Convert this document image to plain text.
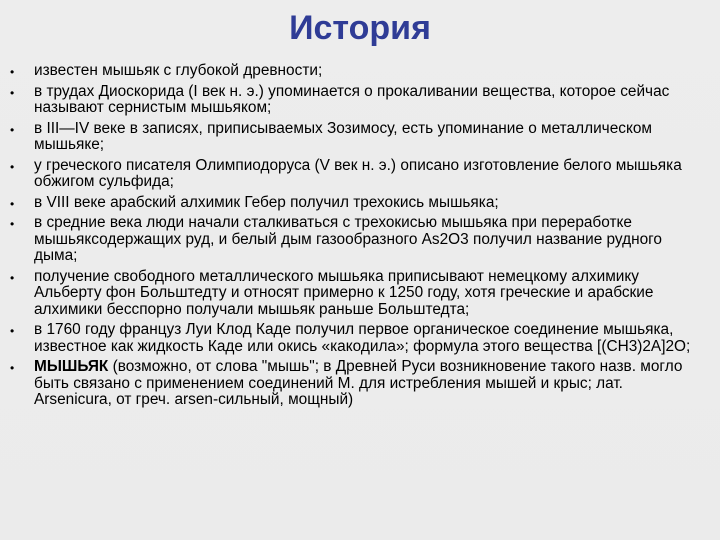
История
• известен мышьяк с глубокой древности;
• в трудах Диоскорида (I век н. э.) упоминается о прокаливании вещества, которое сейчас называют сернистым мышьяком;
• в III—IV веке в записях, приписываемых Зозимосу, есть упоминание о металлическом мышьяке;
• у греческого писателя Олимпиодоруса (V век н. э.) описано изготовление белого мышьяка обжигом сульфида;
• в VIII веке арабский алхимик Гебер получил трехокись мышьяка;
• в средние века люди начали сталкиваться с трехокисью мышьяка при переработке мышьяксодержащих руд, и белый дым газообразного As2O3 получил название рудного дыма;
• получение свободного металлического мышьяка приписывают немецкому алхимику Альберту фон Больштедту и относят примерно к 1250 году, хотя греческие и арабские алхимики бесспорно получали мышьяк раньше Больштедта;
• в 1760 году француз Луи Клод Каде получил первое органическое соединение мышьяка, известное как жидкость Каде или окись «какодила»; формула этого вещества [(CH3)2A]2O;
• МЫШЬЯК (возможно, от слова "мышь"; в Древней Руси возникновение такого назв. могло быть связано с применением соединений М. для истребления мышей и крыс; лат. Arsenicura, от греч. arsen-сильный, мощный)
